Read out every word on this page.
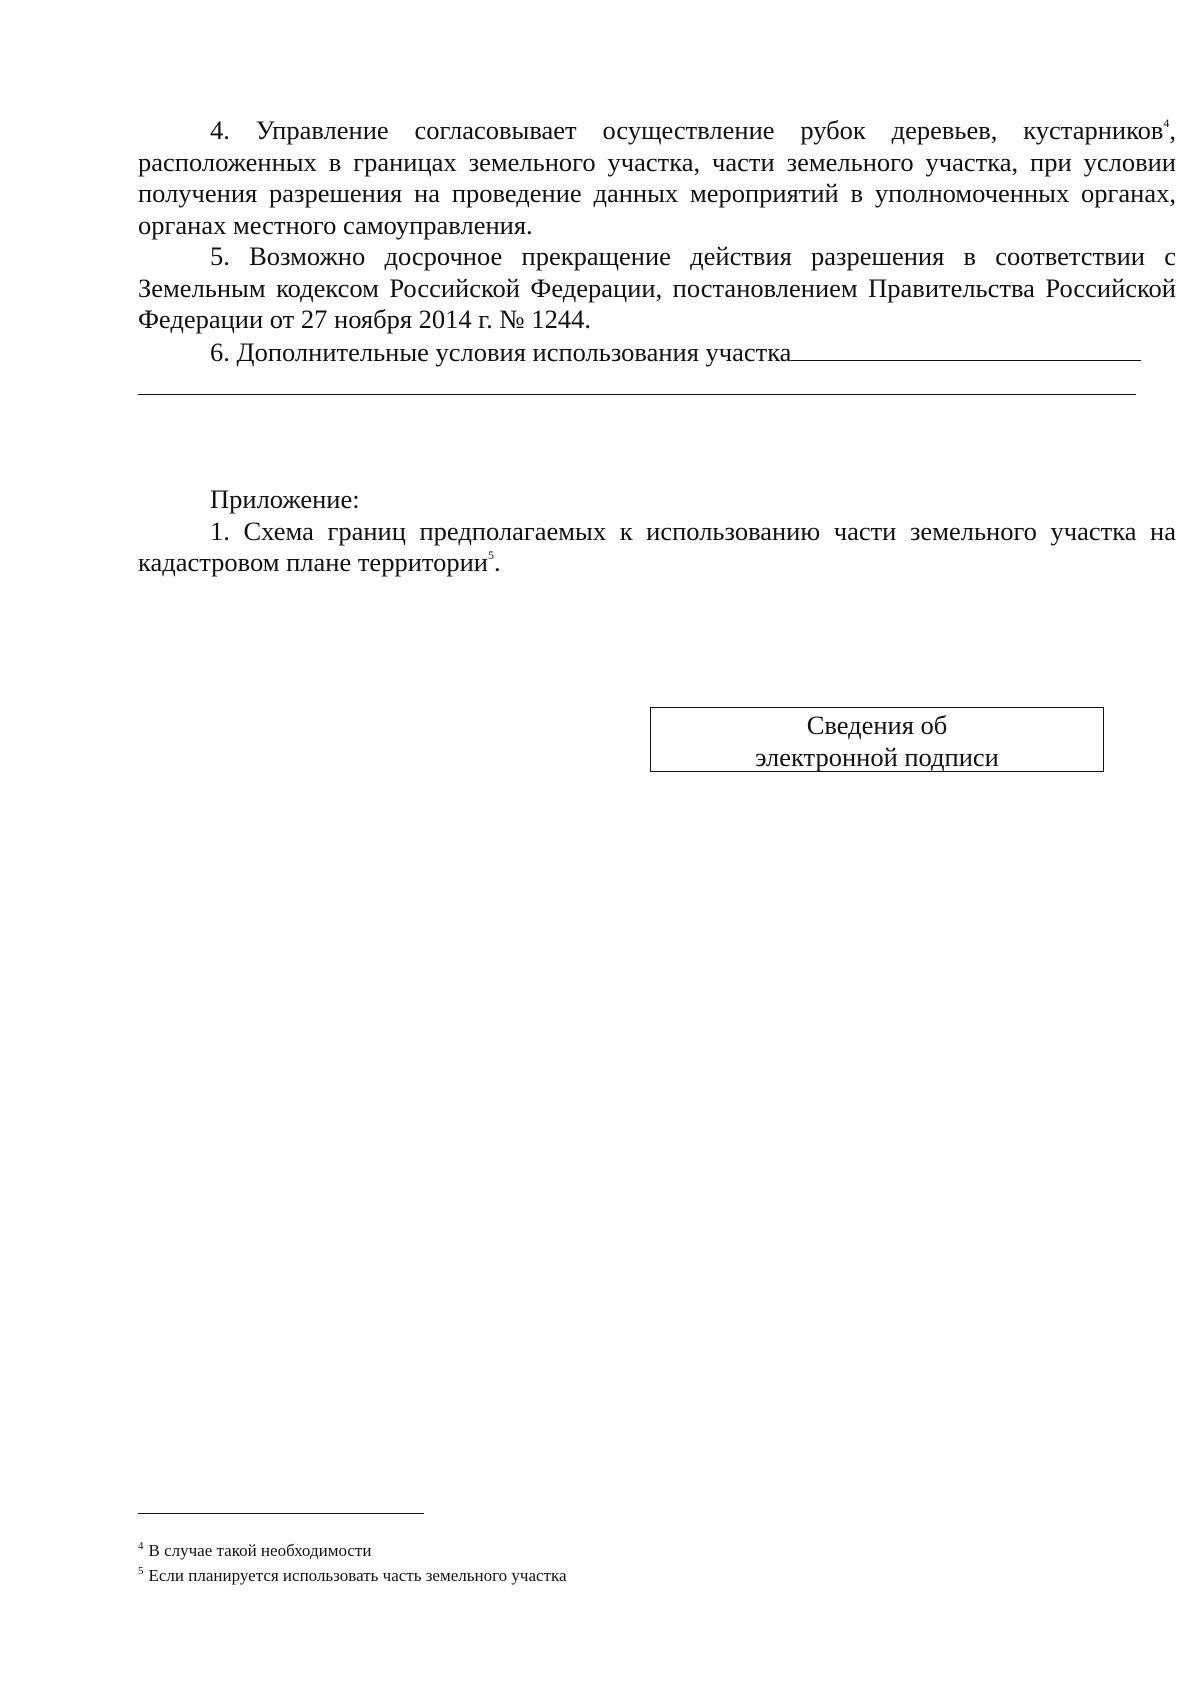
4. Управление согласовывает осуществление рубок деревьев, кустарников$^4$, расположенных в границах земельного участка, части земельного участка, при условии получения разрешения на проведение данных мероприятий в уполномоченных органах, органах местного самоуправления.

5. Возможно досрочное прекращение действия разрешения в соответствии с Земельным кодексом Российской Федерации, постановлением Правительства Российской Федерации от 27 ноября 2014 г. № 1244.

6. Дополнительные условия использования участка

Приложение:

1. Схема границ предполагаемых к использованию части земельного участка на кадастровом плане территории$^5$.

Сведения об
электронной подписи

$^4$ В случае такой необходимости

$^5$ Если планируется использовать часть земельного участка
